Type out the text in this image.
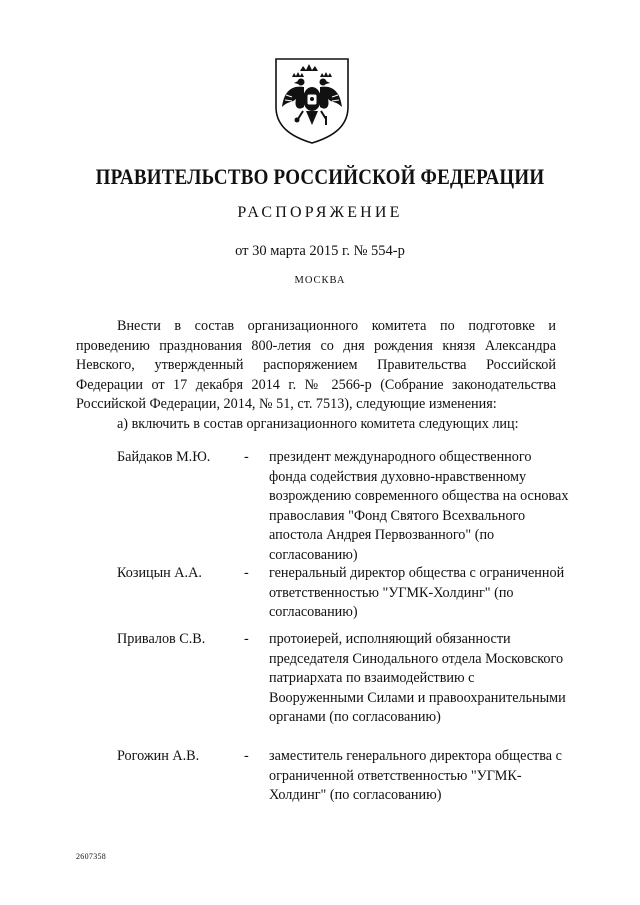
ПРАВИТЕЛЬСТВО РОССИЙСКОЙ ФЕДЕРАЦИИ
РАСПОРЯЖЕНИЕ
от 30 марта 2015 г. № 554-р
МОСКВА

Внести в состав организационного комитета по подготовке и проведению празднования 800-летия со дня рождения князя Александра Невского, утвержденный распоряжением Правительства Российской Федерации от 17 декабря 2014 г. № 2566-р (Собрание законодательства Российской Федерации, 2014, № 51, ст. 7513), следующие изменения:

а) включить в состав организационного комитета следующих лиц:

Байдаков М.Ю. - президент международного общественного фонда содействия духовно-нравственному возрождению современного общества на основах православия "Фонд Святого Всехвального апостола Андрея Первозванного" (по согласованию)
Козицын А.А.	- генеральный директор общества с ограниченной ответственностью "УГМК-Холдинг" (по согласованию)
Привалов С.В.	- протоиерей, исполняющий обязанности председателя Синодального отдела Московского патриархата по взаимодействию с Вооруженными Силами и правоохранительными органами (по согласованию)
Рогожин А.В.	- заместитель генерального директора общества с ограниченной ответственностью "УГМК-Холдинг" (по согласованию)
2607358
